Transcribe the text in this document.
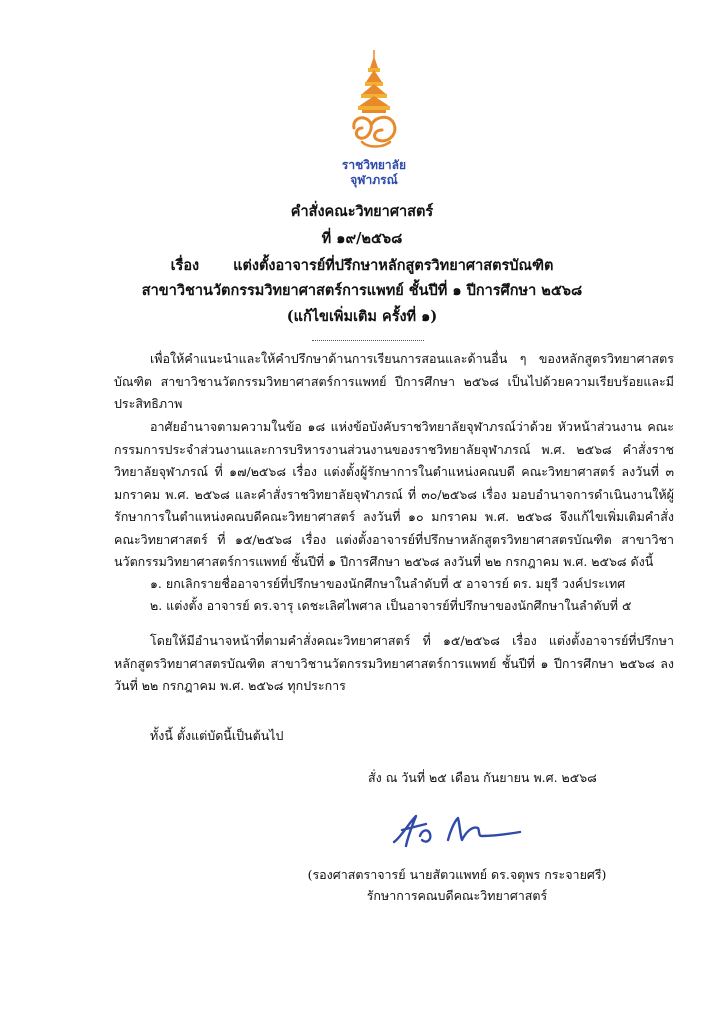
ราชวิทยาลัย
จุฬาภรณ์
คำสั่งคณะวิทยาศาสตร์
ที่ ๑๙/๒๕๖๘
เรื่อง แต่งตั้งอาจารย์ที่ปรึกษาหลักสูตรวิทยาศาสตรบัณฑิต
สาขาวิชานวัตกรรมวิทยาศาสตร์การแพทย์ ชั้นปีที่ ๑ ปีการศึกษา ๒๕๖๘
(แก้ไขเพิ่มเติม ครั้งที่ ๑)
เพื่อให้คำแนะนำและให้คำปรึกษาด้านการเรียนการสอนและด้านอื่น ๆ ของหลักสูตรวิทยาศาสตรบัณฑิต สาขาวิชานวัตกรรมวิทยาศาสตร์การแพทย์ ปีการศึกษา ๒๕๖๘ เป็นไปด้วยความเรียบร้อยและมีประสิทธิภาพ
อาศัยอำนาจตามความในข้อ ๑๘ แห่งข้อบังคับราชวิทยาลัยจุฬาภรณ์ว่าด้วย หัวหน้าส่วนงาน คณะกรรมการประจำส่วนงานและการบริหารงานส่วนงานของราชวิทยาลัยจุฬาภรณ์ พ.ศ. ๒๕๖๘ คำสั่งราชวิทยาลัยจุฬาภรณ์ ที่ ๑๗/๒๕๖๘ เรื่อง แต่งตั้งผู้รักษาการในตำแหน่งคณบดี คณะวิทยาศาสตร์ ลงวันที่ ๓ มกราคม พ.ศ. ๒๕๖๘ และคำสั่งราชวิทยาลัยจุฬาภรณ์ ที่ ๓๐/๒๕๖๘ เรื่อง มอบอำนาจการดำเนินงานให้ผู้รักษาการในตำแหน่งคณบดีคณะวิทยาศาสตร์ ลงวันที่ ๑๐ มกราคม พ.ศ. ๒๕๖๘ จึงแก้ไขเพิ่มเติมคำสั่งคณะวิทยาศาสตร์ ที่ ๑๕/๒๕๖๘ เรื่อง แต่งตั้งอาจารย์ที่ปรึกษาหลักสูตรวิทยาศาสตรบัณฑิต สาขาวิชานวัตกรรมวิทยาศาสตร์การแพทย์ ชั้นปีที่ ๑ ปีการศึกษา ๒๕๖๘ ลงวันที่ ๒๒ กรกฎาคม พ.ศ. ๒๕๖๘ ดังนี้
๑. ยกเลิกรายชื่ออาจารย์ที่ปรึกษาของนักศึกษาในลำดับที่ ๕ อาจารย์ ดร. มยุรี วงค์ประเทศ
๒. แต่งตั้ง อาจารย์ ดร.จารุ เดชะเลิศไพศาล เป็นอาจารย์ที่ปรึกษาของนักศึกษาในลำดับที่ ๕
โดยให้มีอำนาจหน้าที่ตามคำสั่งคณะวิทยาศาสตร์ ที่ ๑๕/๒๕๖๘ เรื่อง แต่งตั้งอาจารย์ที่ปรึกษาหลักสูตรวิทยาศาสตรบัณฑิต สาขาวิชานวัตกรรมวิทยาศาสตร์การแพทย์ ชั้นปีที่ ๑ ปีการศึกษา ๒๕๖๘ ลงวันที่ ๒๒ กรกฎาคม พ.ศ. ๒๕๖๘ ทุกประการ
ทั้งนี้ ตั้งแต่บัดนี้เป็นต้นไป
สั่ง ณ วันที่ ๒๕ เดือน กันยายน พ.ศ. ๒๕๖๘
(รองศาสตราจารย์ นายสัตวแพทย์ ดร.จตุพร กระจายศรี)
รักษาการคณบดีคณะวิทยาศาสตร์
